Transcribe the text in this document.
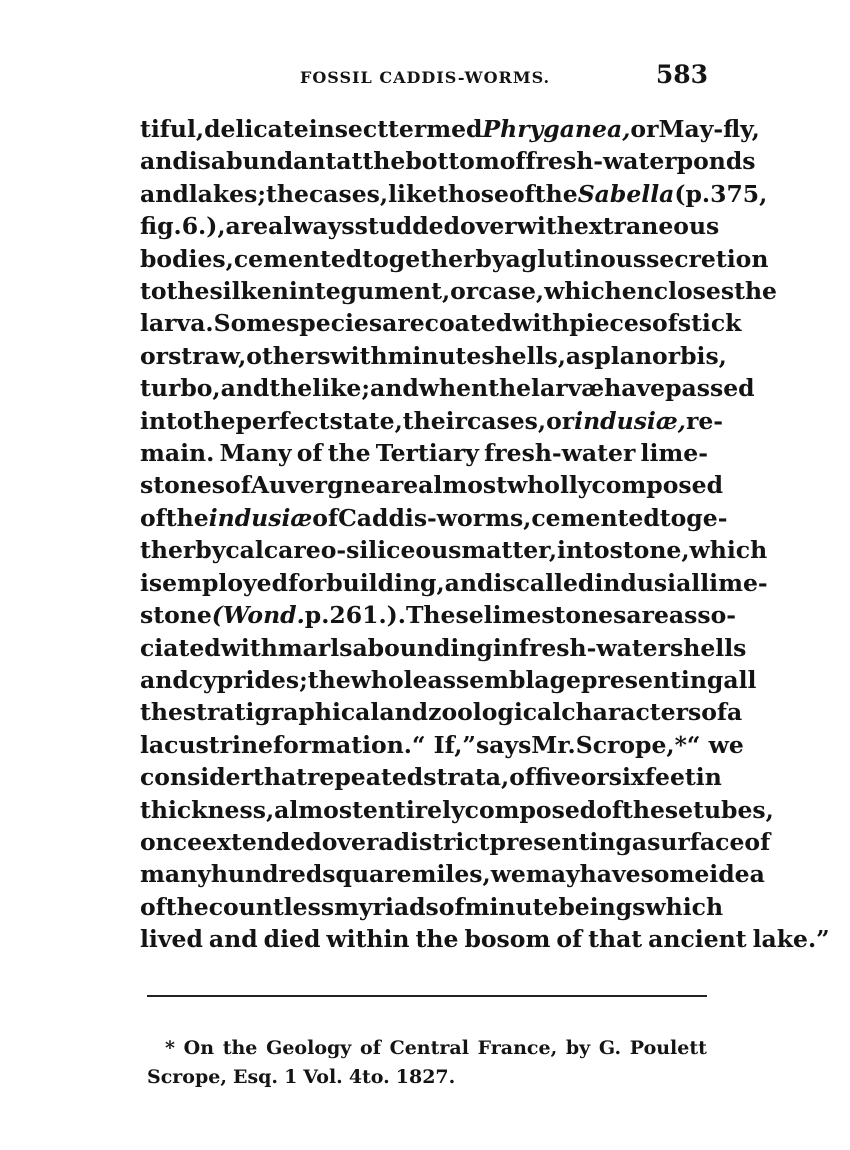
FOSSIL CADDIS-WORMS.	583
tiful, delicate insect termed Phryganea, or May-fly,
and is abundant at the bottom of fresh-water ponds
and lakes; the cases, like those of the Sabella (p. 375,
fig. 6.), are always studded over with extraneous
bodies, cemented together by a glutinous secretion
to the silken integument, or case, which encloses the
larva. Some species are coated with pieces of stick
or straw, others with minute shells, as planorbis,
turbo, and the like; and when the larvæ have passed
into the perfect state, their cases, or indusiæ, re-
main. Many of the Tertiary fresh-water lime-
stones of Auvergne are almost wholly composed
of the indusiæ of Caddis-worms, cemented toge-
ther by calcareo-siliceous matter, into stone, which
is employed for building, and is called indusial lime-
stone (Wond. p. 261.). These limestones are asso-
ciated with marls abounding in fresh-water shells
and cyprides; the whole assemblage presenting all
the stratigraphical and zoological characters of a
lacustrine formation. “ If,” says Mr. Scrope,* “ we
consider that repeated strata, of five or six feet in
thickness, almost entirely composed of these tubes,
once extended over a district presenting a surface of
many hundred square miles, we may have some idea
of the countless myriads of minute beings which
lived and died within the bosom of that ancient lake.”
* On the Geology of Central France, by G. Poulett
Scrope, Esq. 1 Vol. 4to. 1827.
